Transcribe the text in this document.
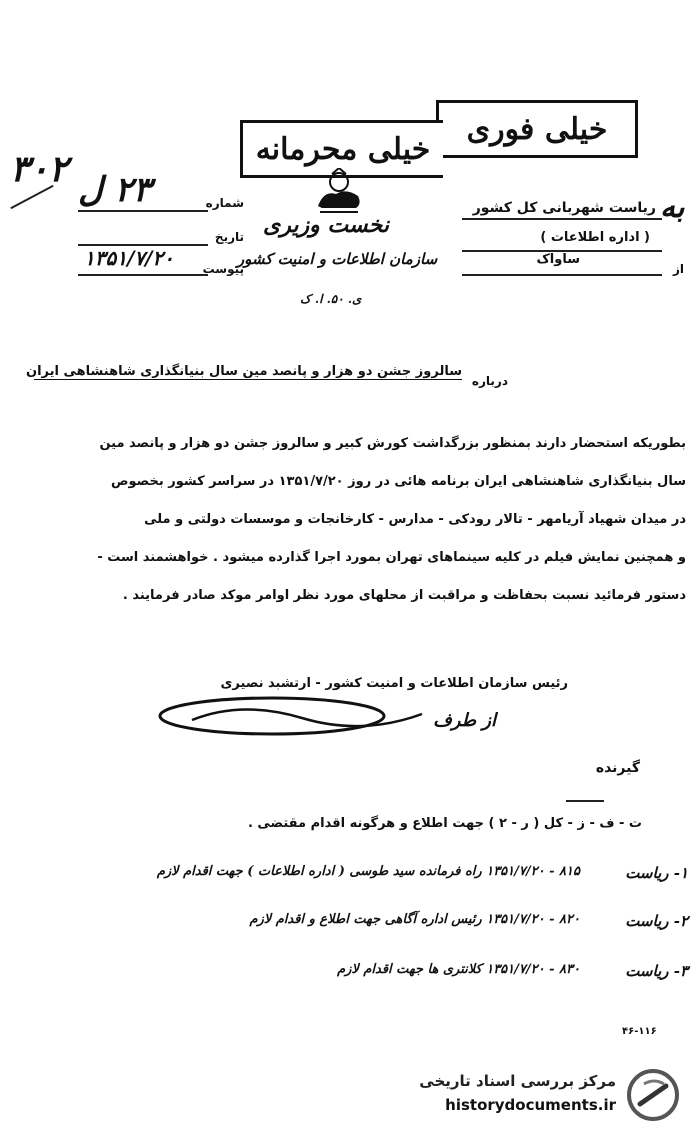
خیلی فوری
خیلی محرمانه
۳۰۲ ۲۳ ل	شماره
تاریخ
۱۳۵۱/۷/۲۰ پیوست
نخست وزیری
سازمان اطلاعات و امنیت کشور
ی. ۵۰. ا. ک
به
ریاست شهربانی کل کشور
( اداره اطلاعات )
از
ساواک
درباره
سالروز جشن دو هزار و پانصد مین سال بنیانگذاری شاهنشاهی ایران
بطوریکه استحضار دارند بمنظور بزرگداشت کورش کبیر و سالروز جشن دو هزار و پانصد مین
سال بنیانگذاری شاهنشاهی ایران برنامه هائی در روز ۱۳۵۱/۷/۲۰ در سراسر کشور بخصوص
در میدان شهیاد آریامهر - تالار رودکی - مدارس - کارخانجات و موسسات دولتی و ملی
و همچنین نمایش فیلم در کلیه سینماهای تهران بمورد اجرا گذارده میشود . خواهشمند است -
دستور فرمائید نسبت بحفاظت و مراقبت از محلهای مورد نظر اوامر موکد صادر فرمایند .
رئیس سازمان اطلاعات و امنیت کشور - ارتشبد نصیری
از طرف
گیرنده
ت - ف - ز - کل ( ر - ۲ ) جهت اطلاع و هرگونه اقدام مقتضی .
۱- ریاست
۸۱۵ - ۱۳۵۱/۷/۲۰ راه فرمانده سید طوسی ( اداره اطلاعات ) جهت اقدام لازم
۲- ریاست
۸۲۰ - ۱۳۵۱/۷/۲۰ رئیس اداره آگاهی جهت اطلاع و اقدام لازم
۳- ریاست
۸۳۰ - ۱۳۵۱/۷/۲۰ کلانتری ها جهت اقدام لازم
۴۶-۱۱۶
مرکز بررسی اسناد تاریخی
historydocuments.ir
